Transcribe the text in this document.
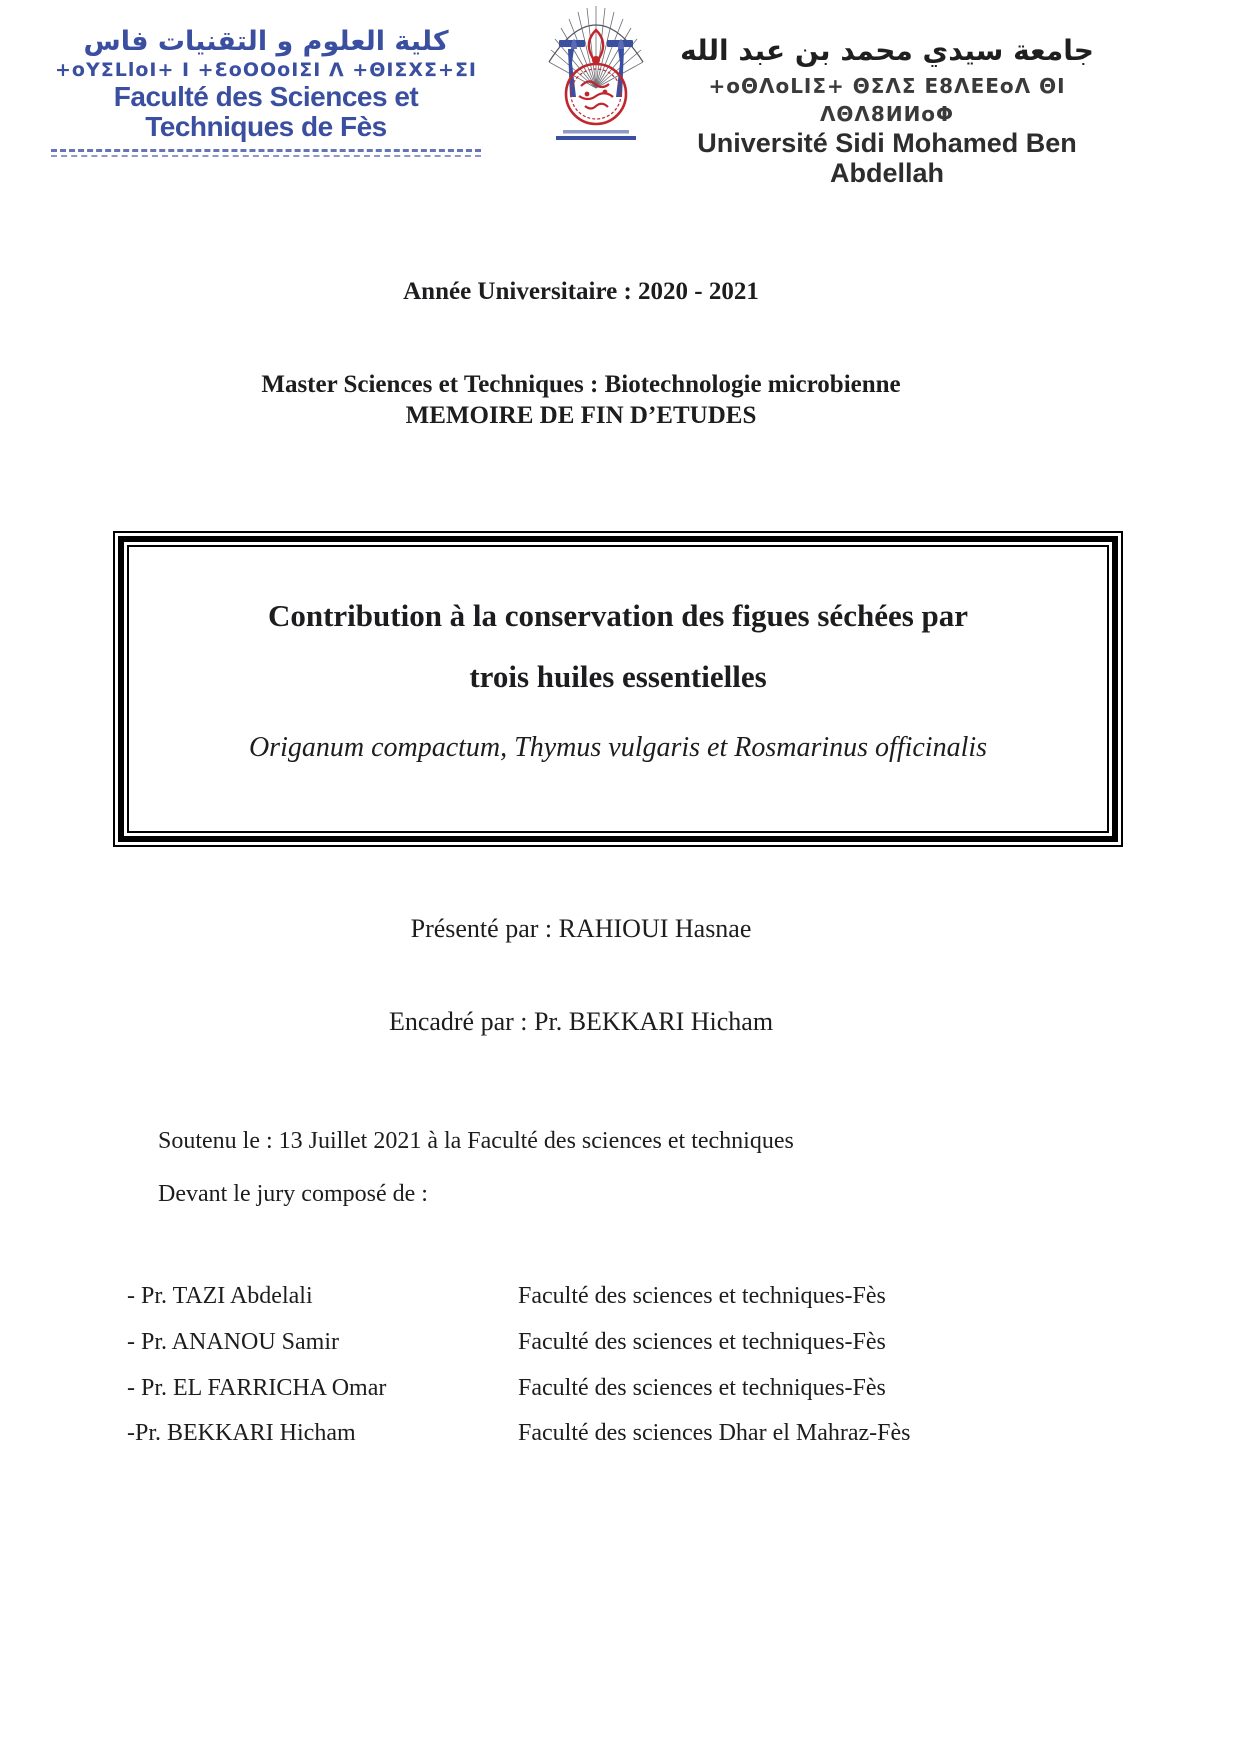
كلية العلوم و التقنيات فاس
+oYΣLloI+ I +ƐoOOoIΣI Λ +ΘIΣXΣ+ΣI
Faculté des Sciences et Techniques de Fès
جامعة سيدي محمد بن عبد الله
+oΘΛoLIΣ+ ΘΣΛΣ Ε8ΛΕΕoΛ ΘI ΛΘΛ8ИИoΦ
Université Sidi Mohamed Ben Abdellah
Année Universitaire : 2020 - 2021
Master Sciences et Techniques : Biotechnologie microbienne
MEMOIRE DE FIN D’ETUDES
Contribution à la conservation des figues séchées par
trois huiles essentielles
Origanum compactum, Thymus vulgaris et Rosmarinus officinalis
Présenté par : RAHIOUI Hasnae
Encadré par : Pr. BEKKARI Hicham
Soutenu le : 13 Juillet 2021 à la Faculté des sciences et techniques
Devant le jury composé de :
- Pr. TAZI Abdelali	Faculté des sciences et techniques-Fès
- Pr. ANANOU Samir	Faculté des sciences et techniques-Fès
- Pr. EL FARRICHA Omar	Faculté des sciences et techniques-Fès
-Pr. BEKKARI Hicham	Faculté des sciences Dhar el Mahraz-Fès
